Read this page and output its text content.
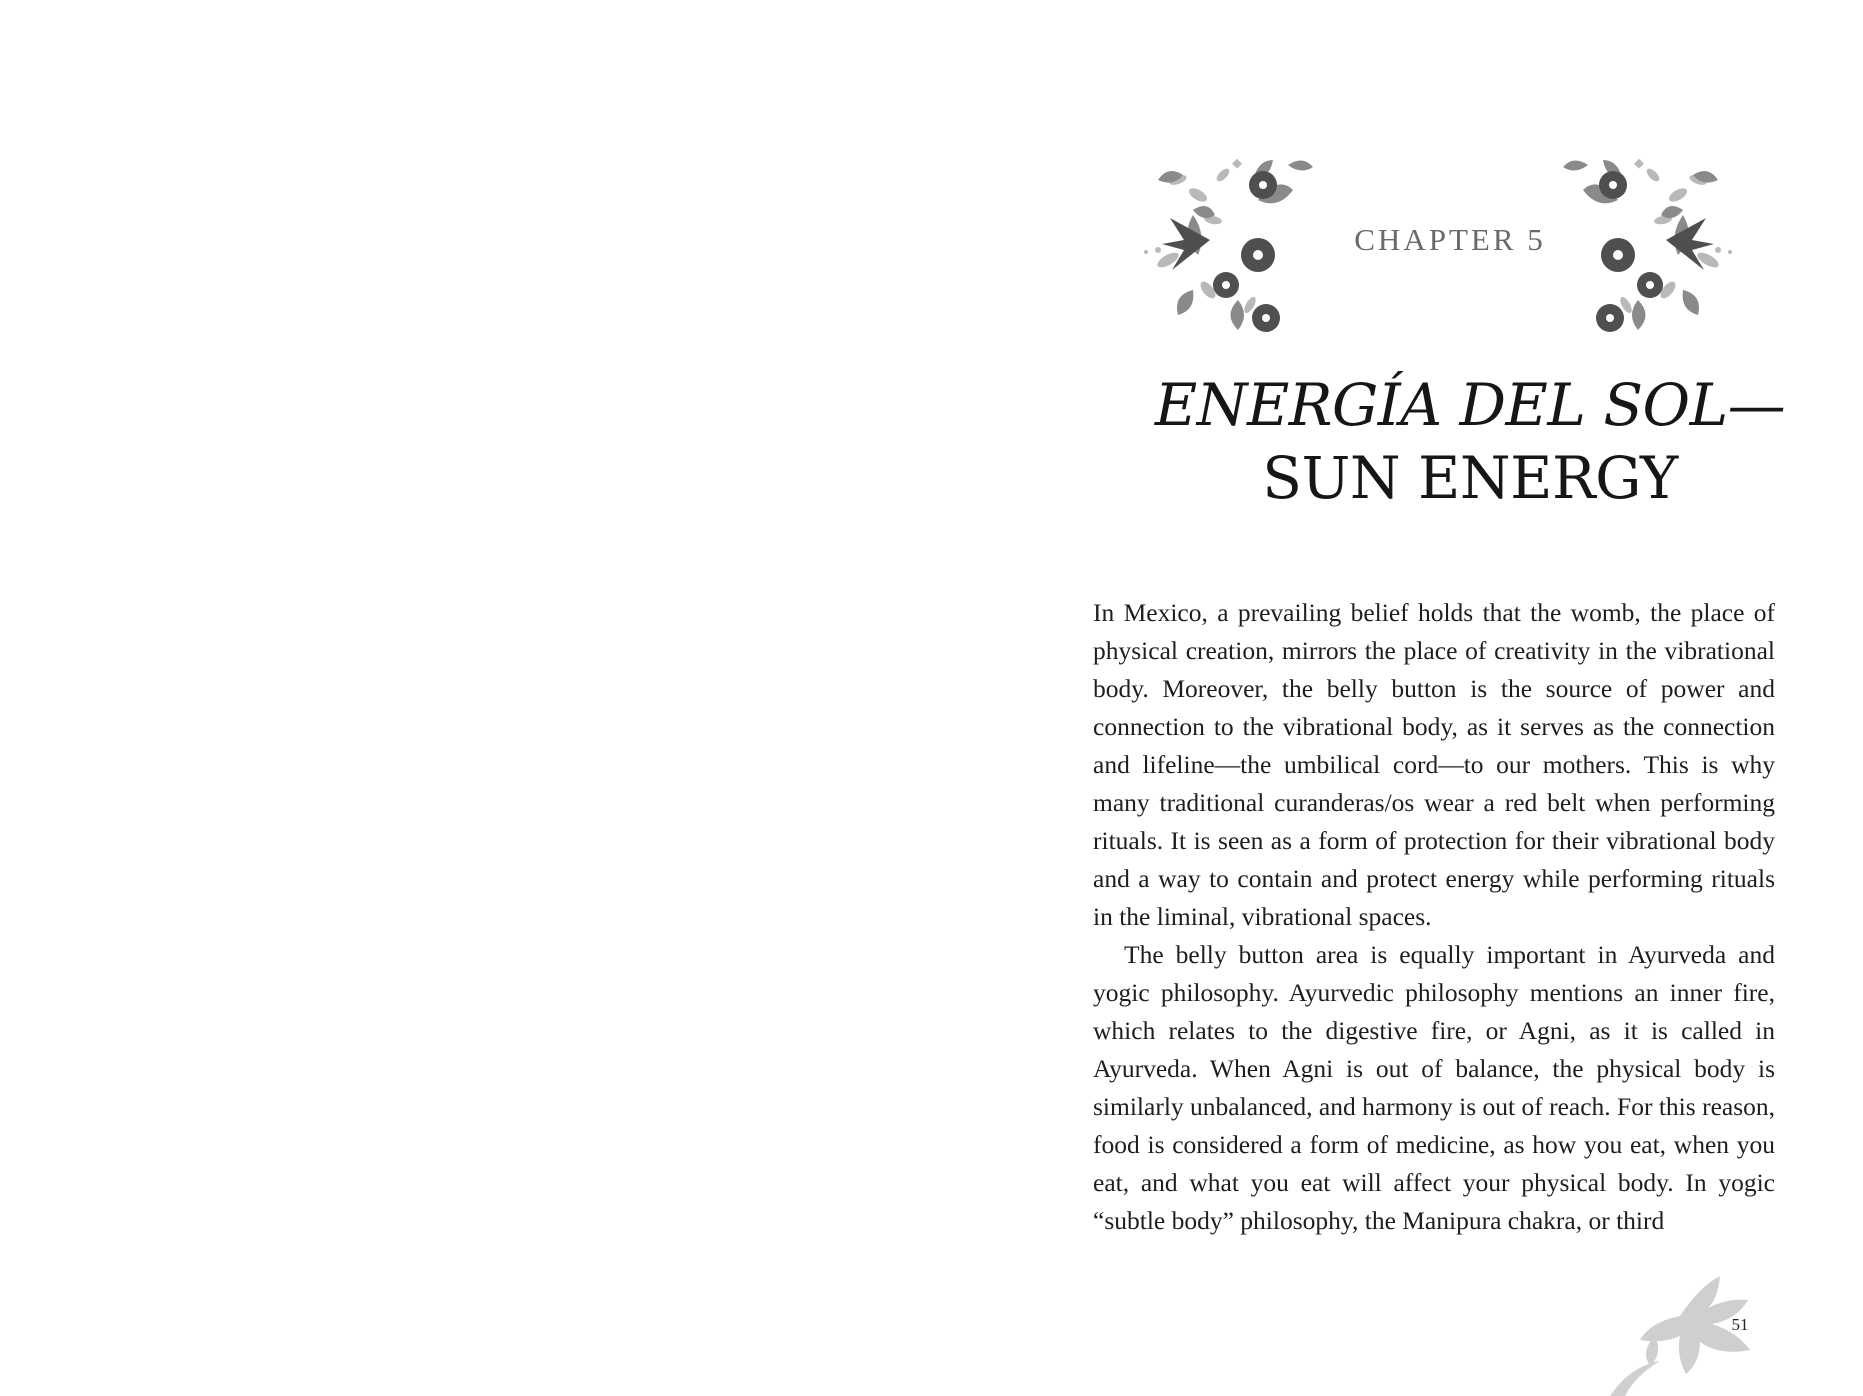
CHAPTER 5
ENERGÍA DEL SOL—
SUN ENERGY

In Mexico, a prevailing belief holds that the womb, the place of physical creation, mirrors the place of creativity in the vibrational body. Moreover, the belly button is the source of power and connection to the vibrational body, as it serves as the connection and lifeline—the umbilical cord—to our mothers. This is why many traditional curanderas/os wear a red belt when performing rituals. It is seen as a form of protection for their vibrational body and a way to contain and protect energy while performing rituals in the liminal, vibrational spaces.

The belly button area is equally important in Ayurveda and yogic philosophy. Ayurvedic philosophy mentions an inner fire, which relates to the digestive fire, or Agni, as it is called in Ayurveda. When Agni is out of balance, the physical body is similarly unbalanced, and harmony is out of reach. For this reason, food is considered a form of medicine, as how you eat, when you eat, and what you eat will affect your physical body. In yogic “subtle body” philosophy, the Manipura chakra, or third

51
